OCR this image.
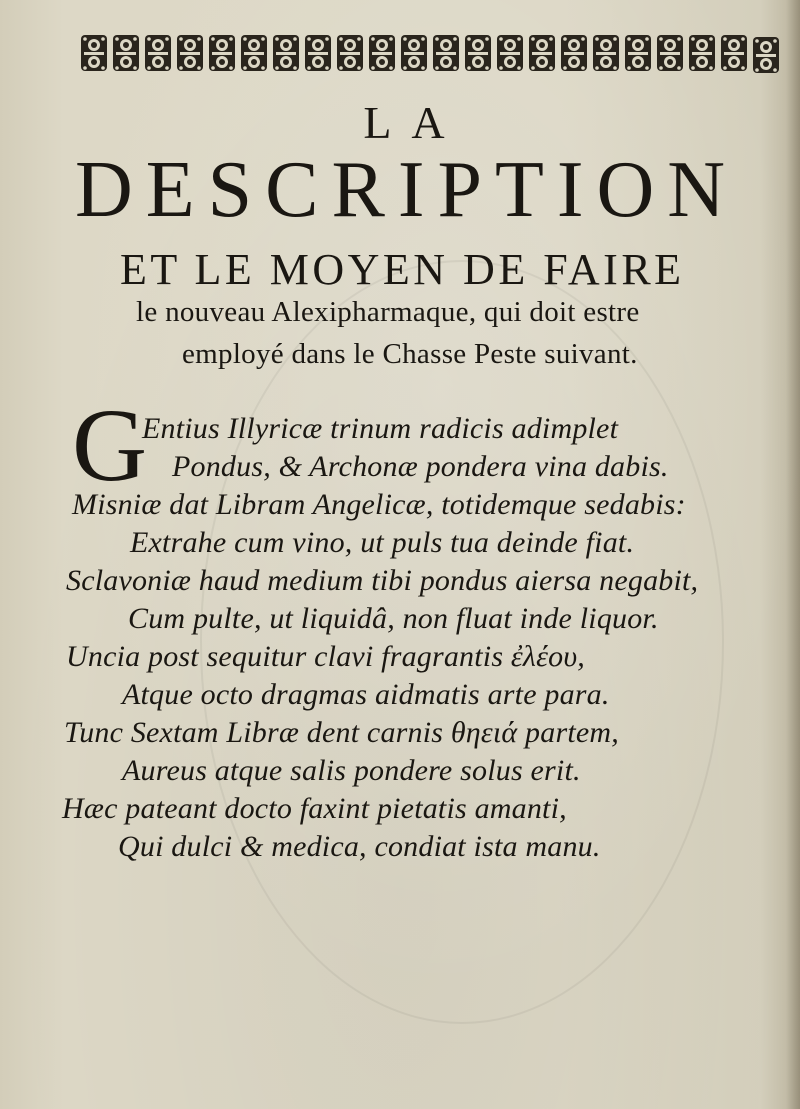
LA
DESCRIPTION
ET LE MOYEN DE FAIRE
le nouveau Alexipharmaque, qui doit estre
employé dans le Chasse Peste suivant.
G
Entius Illyricæ trinum radicis adimplet
Pondus, & Archonæ pondera vina dabis.
Misniæ dat Libram Angelicæ, totidemque sedabis:
Extrahe cum vino, ut puls tua deinde fiat.
Sclavoniæ haud medium tibi pondus aiersa negabit,
Cum pulte, ut liquidâ, non fluat inde liquor.
Uncia post sequitur clavi fragrantis ἐλέου,
Atque octo dragmas aidmatis arte para.
Tunc Sextam Libræ dent carnis θηειά partem,
Aureus atque salis pondere solus erit.
Hæc pateant docto faxint pietatis amanti,
Qui dulci & medica, condiat ista manu.
